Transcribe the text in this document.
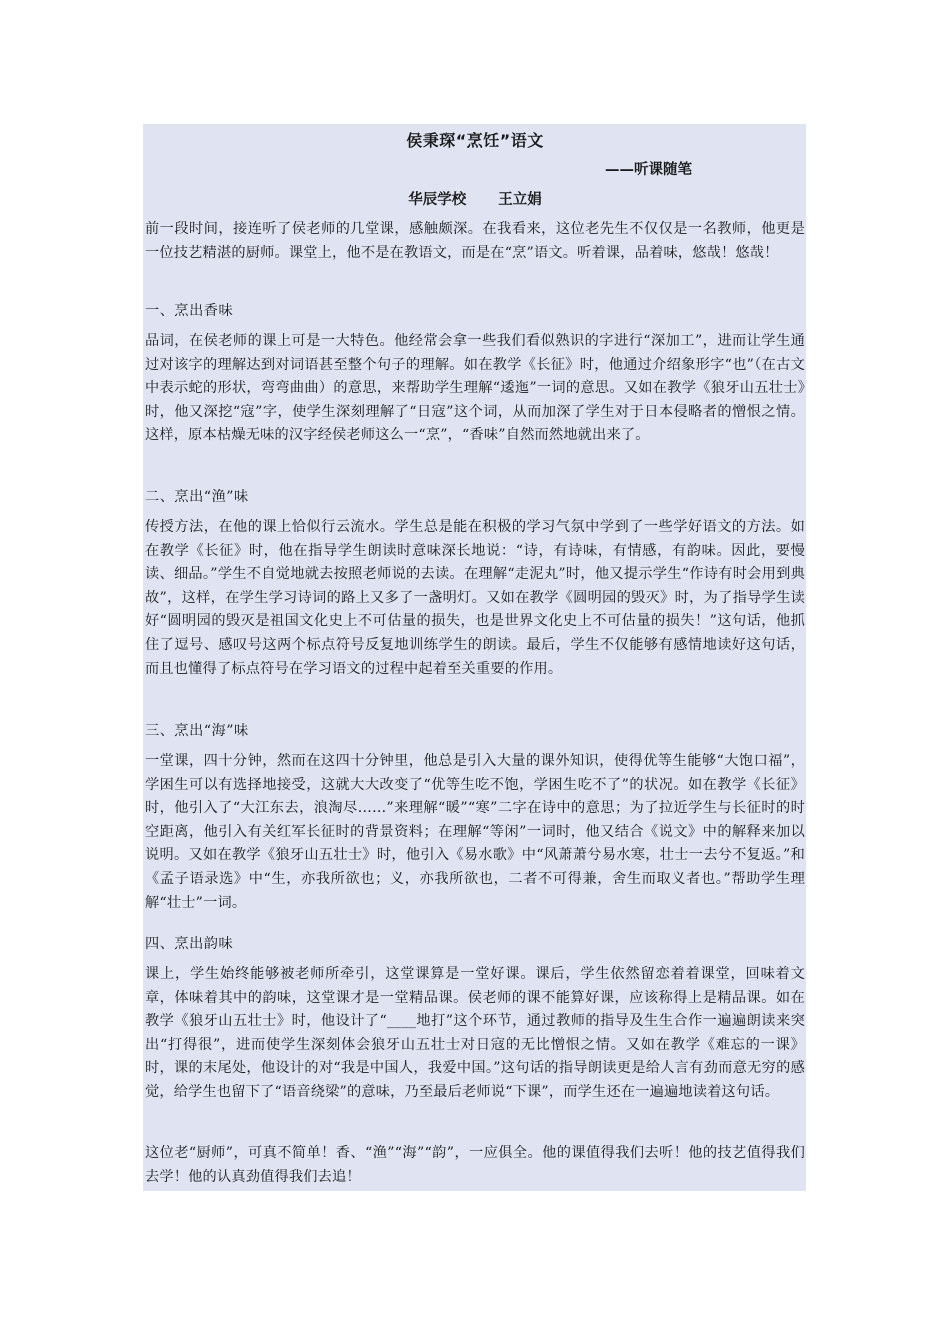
侯秉琛“烹饪”语文
——听课随笔
华辰学校 王立娟
前一段时间，接连听了侯老师的几堂课，感触颇深。在我看来，这位老先生不仅仅是一名教师，他更是一位技艺精湛的厨师。课堂上，他不是在教语文，而是在“烹”语文。听着课，品着味，悠哉！悠哉！
一、烹出香味
品词，在侯老师的课上可是一大特色。他经常会拿一些我们看似熟识的字进行“深加工”，进而让学生通过对该字的理解达到对词语甚至整个句子的理解。如在教学《长征》时，他通过介绍象形字“也”（在古文中表示蛇的形状，弯弯曲曲）的意思，来帮助学生理解“逶迤”一词的意思。又如在教学《狼牙山五壮士》时，他又深挖“寇”字，使学生深刻理解了“日寇”这个词，从而加深了学生对于日本侵略者的憎恨之情。这样，原本枯燥无味的汉字经侯老师这么一“烹”，“香味”自然而然地就出来了。
二、烹出“渔”味
传授方法，在他的课上恰似行云流水。学生总是能在积极的学习气氛中学到了一些学好语文的方法。如在教学《长征》时，他在指导学生朗读时意味深长地说：“诗，有诗味，有情感，有韵味。因此，要慢读、细品。”学生不自觉地就去按照老师说的去读。在理解“走泥丸”时，他又提示学生“作诗有时会用到典故”，这样，在学生学习诗词的路上又多了一盏明灯。又如在教学《圆明园的毁灭》时，为了指导学生读好“圆明园的毁灭是祖国文化史上不可估量的损失，也是世界文化史上不可估量的损失！”这句话，他抓住了逗号、感叹号这两个标点符号反复地训练学生的朗读。最后，学生不仅能够有感情地读好这句话，而且也懂得了标点符号在学习语文的过程中起着至关重要的作用。
三、烹出“海”味
一堂课，四十分钟，然而在这四十分钟里，他总是引入大量的课外知识，使得优等生能够“大饱口福”，学困生可以有选择地接受，这就大大改变了“优等生吃不饱，学困生吃不了”的状况。如在教学《长征》时，他引入了“大江东去，浪淘尽……”来理解“暖”“寒”二字在诗中的意思；为了拉近学生与长征时的时空距离，他引入有关红军长征时的背景资料；在理解“等闲”一词时，他又结合《说文》中的解释来加以说明。又如在教学《狼牙山五壮士》时，他引入《易水歌》中“风萧萧兮易水寒，壮士一去兮不复返。”和《孟子语录选》中“生，亦我所欲也；义，亦我所欲也，二者不可得兼，舍生而取义者也。”帮助学生理解“壮士”一词。
四、烹出韵味
课上，学生始终能够被老师所牵引，这堂课算是一堂好课。课后，学生依然留恋着着课堂，回味着文章，体味着其中的韵味，这堂课才是一堂精品课。侯老师的课不能算好课，应该称得上是精品课。如在教学《狼牙山五壮士》时，他设计了“____地打”这个环节，通过教师的指导及生生合作一遍遍朗读来突出“打得很”，进而使学生深刻体会狼牙山五壮士对日寇的无比憎恨之情。又如在教学《难忘的一课》时，课的末尾处，他设计的对“我是中国人，我爱中国。”这句话的指导朗读更是给人言有劲而意无穷的感觉，给学生也留下了“语音绕梁”的意味，乃至最后老师说“下课”，而学生还在一遍遍地读着这句话。
这位老“厨师”，可真不简单！香、“渔”“海”“韵”，一应俱全。他的课值得我们去听！他的技艺值得我们去学！他的认真劲值得我们去追！
